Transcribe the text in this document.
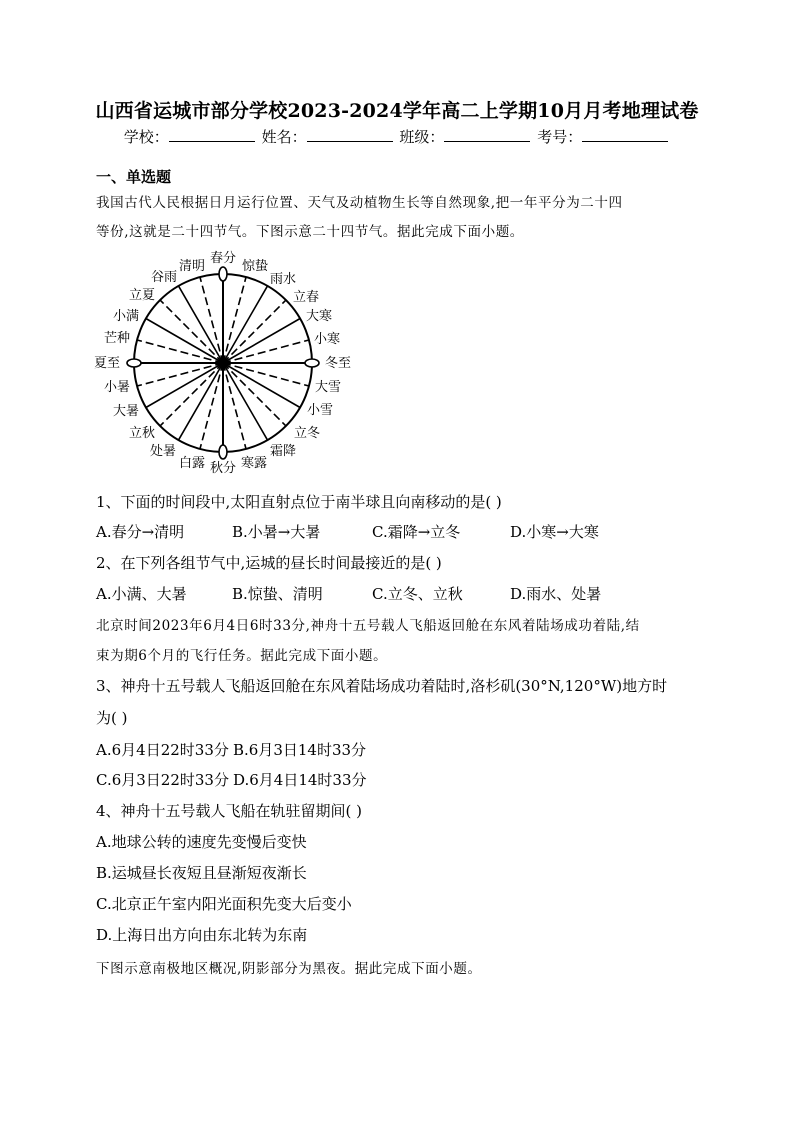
山西省运城市部分学校2023-2024学年高二上学期10月月考地理试卷
学校：	姓名：	班级：	考号：
一、单选题
我国古代人民根据日月运行位置、天气及动植物生长等自然现象,把一年平分为二十四
等份,这就是二十四节气。下图示意二十四节气。据此完成下面小题。
春分
秋分
夏至	冬至
惊蛰
雨水
立春
大寒
小寒
大雪
小雪
立冬
霜降
寒露
白露
处暑
立秋
大暑
小暑
芒种
小满
立夏
谷雨
清明
1、下面的时间段中,太阳直射点位于南半球且向南移动的是( )
A.春分→清明	B.小暑→大暑	C.霜降→立冬	D.小寒→大寒
2、在下列各组节气中,运城的昼长时间最接近的是( )
A.小满、大暑	B.惊蛰、清明	C.立冬、立秋	D.雨水、处暑
北京时间2023年6月4日6时33分,神舟十五号载人飞船返回舱在东风着陆场成功着陆,结
束为期6个月的飞行任务。据此完成下面小题。
3、神舟十五号载人飞船返回舱在东风着陆场成功着陆时,洛杉矶(30°N,120°W)地方时
为( )
A.6月4日22时33分 B.6月3日14时33分
C.6月3日22时33分 D.6月4日14时33分
4、神舟十五号载人飞船在轨驻留期间( )
A.地球公转的速度先变慢后变快
B.运城昼长夜短且昼渐短夜渐长
C.北京正午室内阳光面积先变大后变小
D.上海日出方向由东北转为东南
下图示意南极地区概况,阴影部分为黑夜。据此完成下面小题。
